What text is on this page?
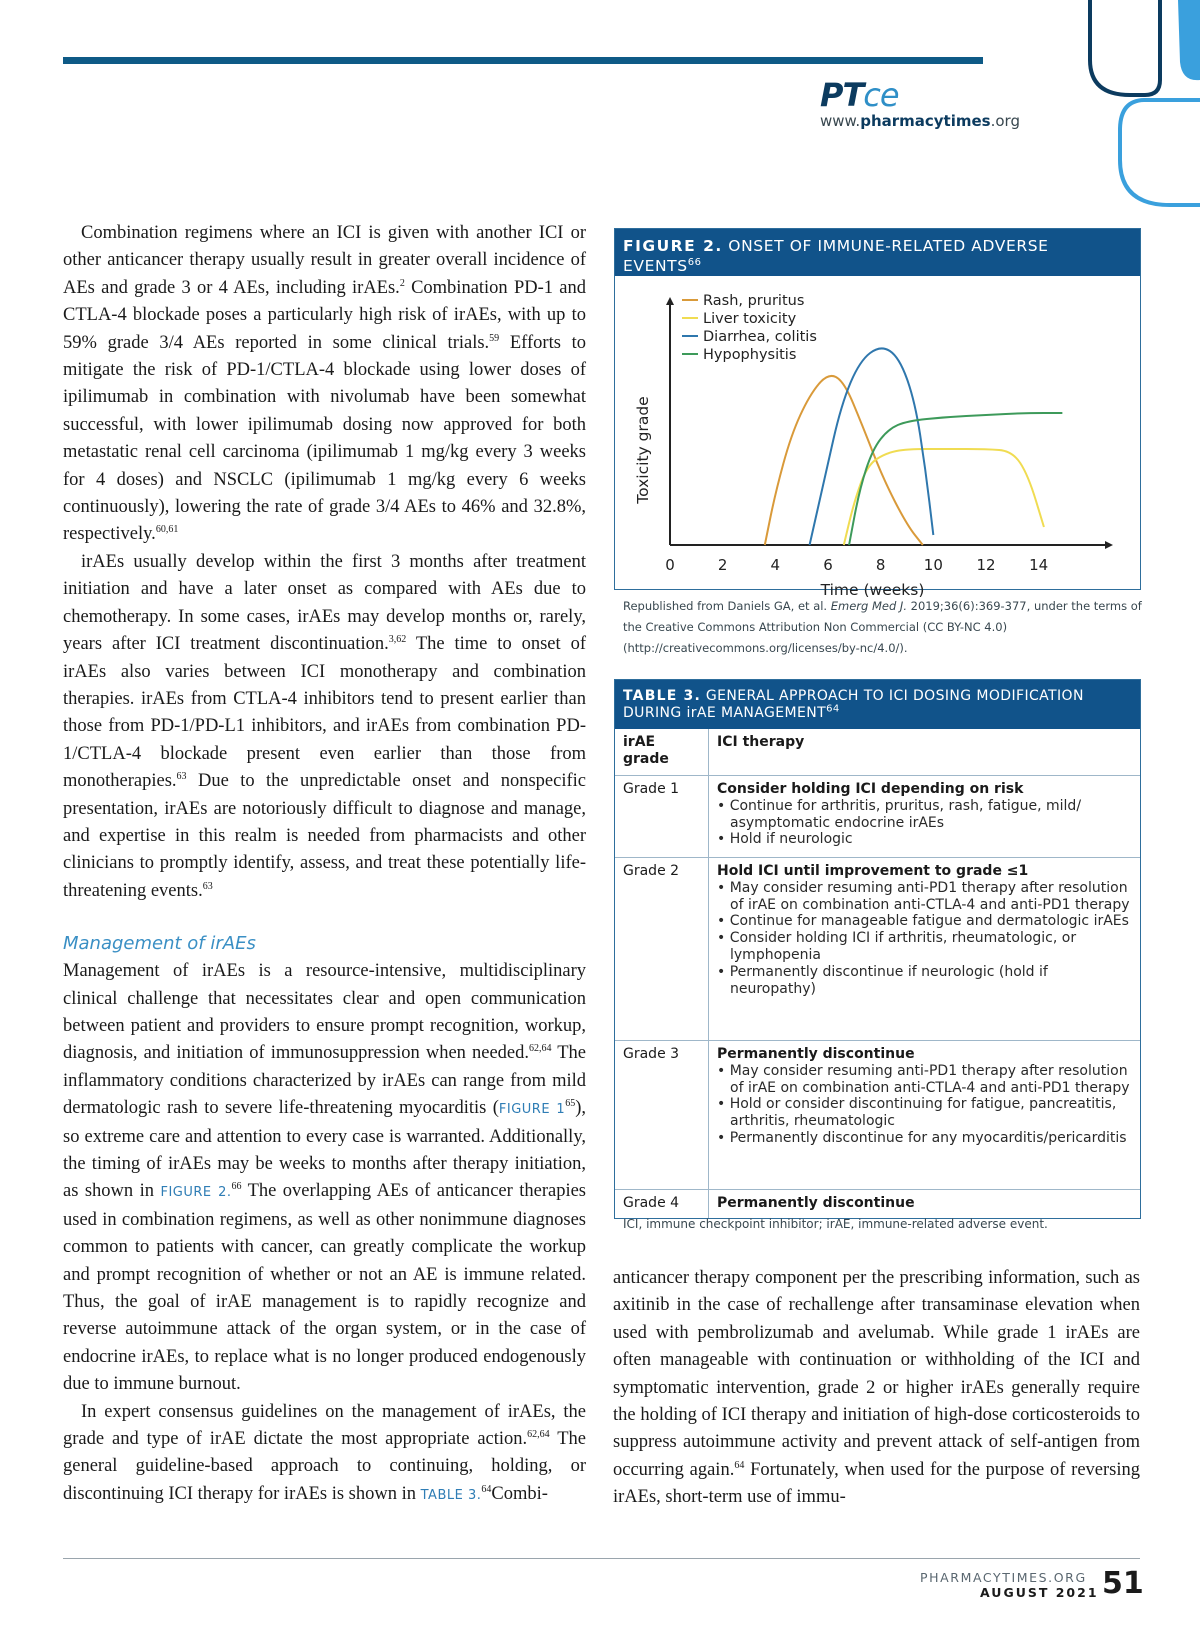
PTce
www.pharmacytimes.org

Combination regimens where an ICI is given with another ICI or other anticancer therapy usually result in greater overall incidence of AEs and grade 3 or 4 AEs, including irAEs.$^2$ Combination PD-1 and CTLA-4 blockade poses a particularly high risk of irAEs, with up to 59% grade 3/4 AEs reported in some clinical trials.$^{59}$ Efforts to mitigate the risk of PD-1/CTLA-4 blockade using lower doses of ipilimumab in combination with nivolumab have been somewhat successful, with lower ipilimumab dosing now approved for both metastatic renal cell carcinoma (ipilimumab 1 mg/kg every 3 weeks for 4 doses) and NSCLC (ipilimumab 1 mg/kg every 6 weeks continuously), lowering the rate of grade 3/4 AEs to 46% and 32.8%, respectively.$^{60,61}$

irAEs usually develop within the first 3 months after treatment initiation and have a later onset as compared with AEs due to chemotherapy. In some cases, irAEs may develop months or, rarely, years after ICI treatment discontinuation.$^{3,62}$ The time to onset of irAEs also varies between ICI monotherapy and combination therapies. irAEs from CTLA-4 inhibitors tend to present earlier than those from PD-1/PD-L1 inhibitors, and irAEs from combination PD-1/CTLA-4 blockade present even earlier than those from monotherapies.$^{63}$ Due to the unpredictable onset and nonspecific presentation, irAEs are notoriously difficult to diagnose and manage, and expertise in this realm is needed from pharmacists and other clinicians to promptly identify, assess, and treat these potentially life-threatening events.$^{63}$

Management of irAEs

Management of irAEs is a resource-intensive, multidisciplinary clinical challenge that necessitates clear and open communication between patient and providers to ensure prompt recognition, workup, diagnosis, and initiation of immunosuppression when needed.$^{62,64}$ The inflammatory conditions characterized by irAEs can range from mild dermatologic rash to severe life-threatening myocarditis (FIGURE $1^{65}$), so extreme care and attention to every case is warranted. Additionally, the timing of irAEs may be weeks to months after therapy initiation, as shown in FIGURE 2.66 The overlapping AEs of anticancer therapies used in combination regimens, as well as other nonimmune diagnoses common to patients with cancer, can greatly complicate the workup and prompt recognition of whether or not an AE is immune related. Thus, the goal of irAE management is to rapidly recognize and reverse autoimmune attack of the organ system, or in the case of endocrine irAEs, to replace what is no longer produced endogenously due to immune burnout.

In expert consensus guidelines on the management of irAEs, the grade and type of irAE dictate the most appropriate action.$^{62,64}$ The general guideline-based approach to continuing, holding, or discontinuing ICI therapy for irAEs is shown in TABLE 3.64Combi-

FIGURE 2. ONSET OF IMMUNE-RELATED ADVERSE EVENTS$^{66}$
0	2	4	6	8	10 12 14
Time (weeks)
Toxicity grade
Rash, pruritus
Liver toxicity
Diarrhea, colitis
Hypophysitis
Republished from Daniels GA, et al. Emerg Med J. 2019;36(6):369-377, under the terms of the Creative Commons Attribution Non Commercial (CC BY-NC 4.0)(http://creativecommons.org/licenses/by-nc/4.0/).
TABLE 3. GENERAL APPROACH TO ICI DOSING MODIFICATION DURING irAE MANAGEMENT$^{64}$
irAE grade
ICI therapy
Grade 1	Consider holding ICI depending on risk
• Continue for arthritis, pruritus, rash, fatigue, mild/ asymptomatic endocrine irAEs
• Hold if neurologic
Grade 2	Hold ICI until improvement to grade ≤1
• May consider resuming anti-PD1 therapy after resolution of irAE on combination anti-CTLA-4 and anti-PD1 therapy
• Continue for manageable fatigue and dermatologic irAEs
• Consider holding ICI if arthritis, rheumatologic, or lymphopenia
• Permanently discontinue if neurologic (hold if neuropathy)
Grade 3	Permanently discontinue
• May consider resuming anti-PD1 therapy after resolution of irAE on combination anti-CTLA-4 and anti-PD1 therapy
• Hold or consider discontinuing for fatigue, pancreatitis, arthritis, rheumatologic
• Permanently discontinue for any myocarditis/pericarditis
Grade 4	Permanently discontinue
ICI, immune checkpoint inhibitor; irAE, immune-related adverse event.

anticancer therapy component per the prescribing information, such as axitinib in the case of rechallenge after transaminase elevation when used with pembrolizumab and avelumab. While grade 1 irAEs are often manageable with continuation or withholding of the ICI and symptomatic intervention, grade 2 or higher irAEs generally require the holding of ICI therapy and initiation of high-dose corticosteroids to suppress autoimmune activity and prevent attack of self-antigen from occurring again.$^{64}$ Fortunately, when used for the purpose of reversing irAEs, short-term use of immu-

PHARMACYTIMES.ORG
AUGUST 2021 51
